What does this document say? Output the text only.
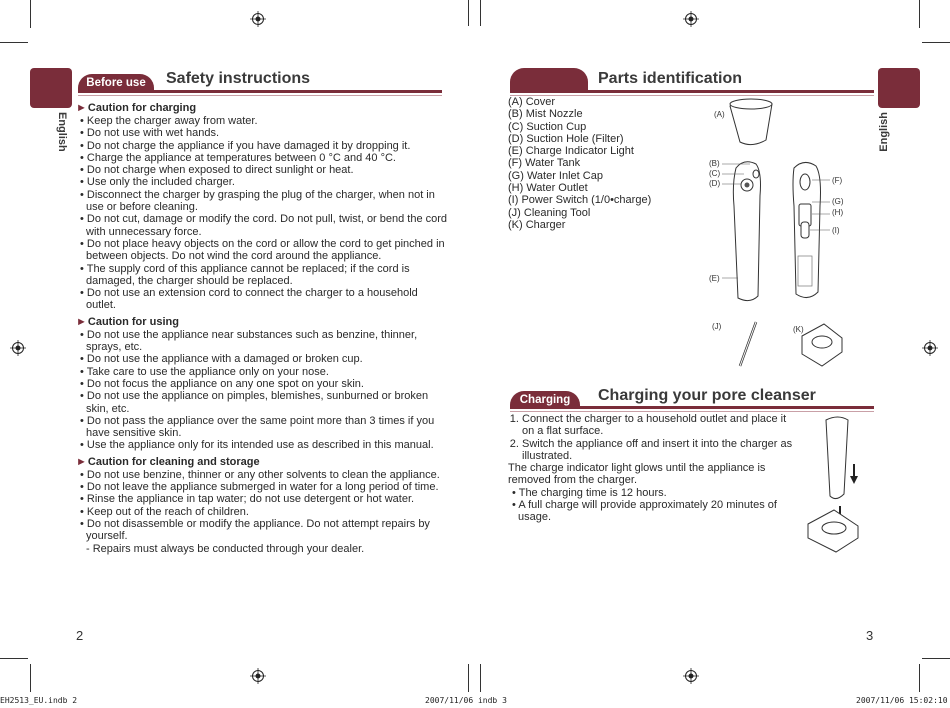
English
Before use	Safety instructions
►Caution for charging
• Keep the charger away from water.
• Do not use with wet hands.
• Do not charge the appliance if you have damaged it by dropping it.
• Charge the appliance at temperatures between 0 °C and 40 °C.
• Do not charge when exposed to direct sunlight or heat.
• Use only the included charger.
• Disconnect the charger by grasping the plug of the charger, when not in use or before cleaning.
• Do not cut, damage or modify the cord. Do not pull, twist, or bend the cord with unnecessary force.
• Do not place heavy objects on the cord or allow the cord to get pinched in between objects. Do not wind the cord around the appliance.
• The supply cord of this appliance cannot be replaced; if the cord is damaged, the charger should be replaced.
• Do not use an extension cord to connect the charger to a household outlet.
►Caution for using
• Do not use the appliance near substances such as benzine, thinner, sprays, etc.
• Do not use the appliance with a damaged or broken cup.
• Take care to use the appliance only on your nose.
• Do not focus the appliance on any one spot on your skin.
• Do not use the appliance on pimples, blemishes, sunburned or broken skin, etc.
• Do not pass the appliance over the same point more than 3 times if you have sensitive skin.
• Use the appliance only for its intended use as described in this manual.
►Caution for cleaning and storage
• Do not use benzine, thinner or any other solvents to clean the appliance.
• Do not leave the appliance submerged in water for a long period of time.
• Rinse the appliance in tap water; do not use detergent or hot water.
• Keep out of the reach of children.
• Do not disassemble or modify the appliance. Do not attempt repairs by yourself.
- Repairs must always be conducted through your dealer.
2
English
Parts identification
(A) Cover
(B) Mist Nozzle
(C) Suction Cup
(D) Suction Hole (Filter)
(E) Charge Indicator Light
(F) Water Tank
(G) Water Inlet Cap
(H) Water Outlet
(I) Power Switch (1/0•charge)
(J) Cleaning Tool
(K) Charger
(A)
(B)
(C)
(D)
(E)
(F)
(G)
(H)
(I)
(J)	(K)
Charging	Charging your pore cleanser
1. Connect the charger to a household outlet and place it on a flat surface.
2. Switch the appliance off and insert it into the charger as illustrated.
The charge indicator light glows until the appliance is removed from the charger.
• The charging time is 12 hours.
• A full charge will provide approximately 20 minutes of usage.
3
EH2513_EU.indb 2	2007/11/06 indb 3	2007/11/06 15:02:10
